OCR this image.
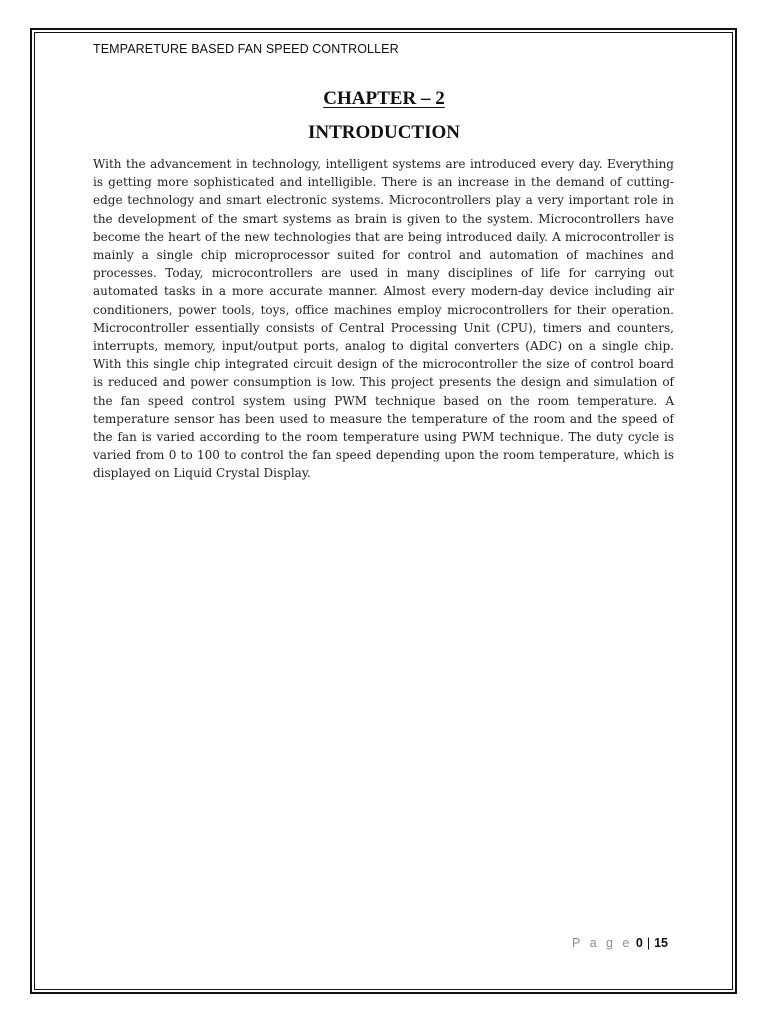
TEMPARETURE BASED FAN SPEED CONTROLLER
CHAPTER – 2
INTRODUCTION

With the advancement in technology, intelligent systems are introduced every day. Everything is getting more sophisticated and intelligible. There is an increase in the demand of cutting- edge technology and smart electronic systems. Microcontrollers play a very important role in the development of the smart systems as brain is given to the system. Microcontrollers have become the heart of the new technologies that are being introduced daily. A microcontroller is mainly a single chip microprocessor suited for control and automation of machines and processes. Today, microcontrollers are used in many disciplines of life for carrying out automated tasks in a more accurate manner. Almost every modern-day device including air conditioners, power tools, toys, office machines employ microcontrollers for their operation. Microcontroller essentially consists of Central Processing Unit (CPU), timers and counters, interrupts, memory, input/output ports, analog to digital converters (ADC) on a single chip. With this single chip integrated circuit design of the microcontroller the size of control board is reduced and power consumption is low. This project presents the design and simulation of the fan speed control system using PWM technique based on the room temperature. A temperature sensor has been used to measure the temperature of the room and the speed of the fan is varied according to the room temperature using PWM technique. The duty cycle is varied from 0 to 100 to control the fan speed depending upon the room temperature, which is displayed on Liquid Crystal Display.

P a g e 0 | 15
